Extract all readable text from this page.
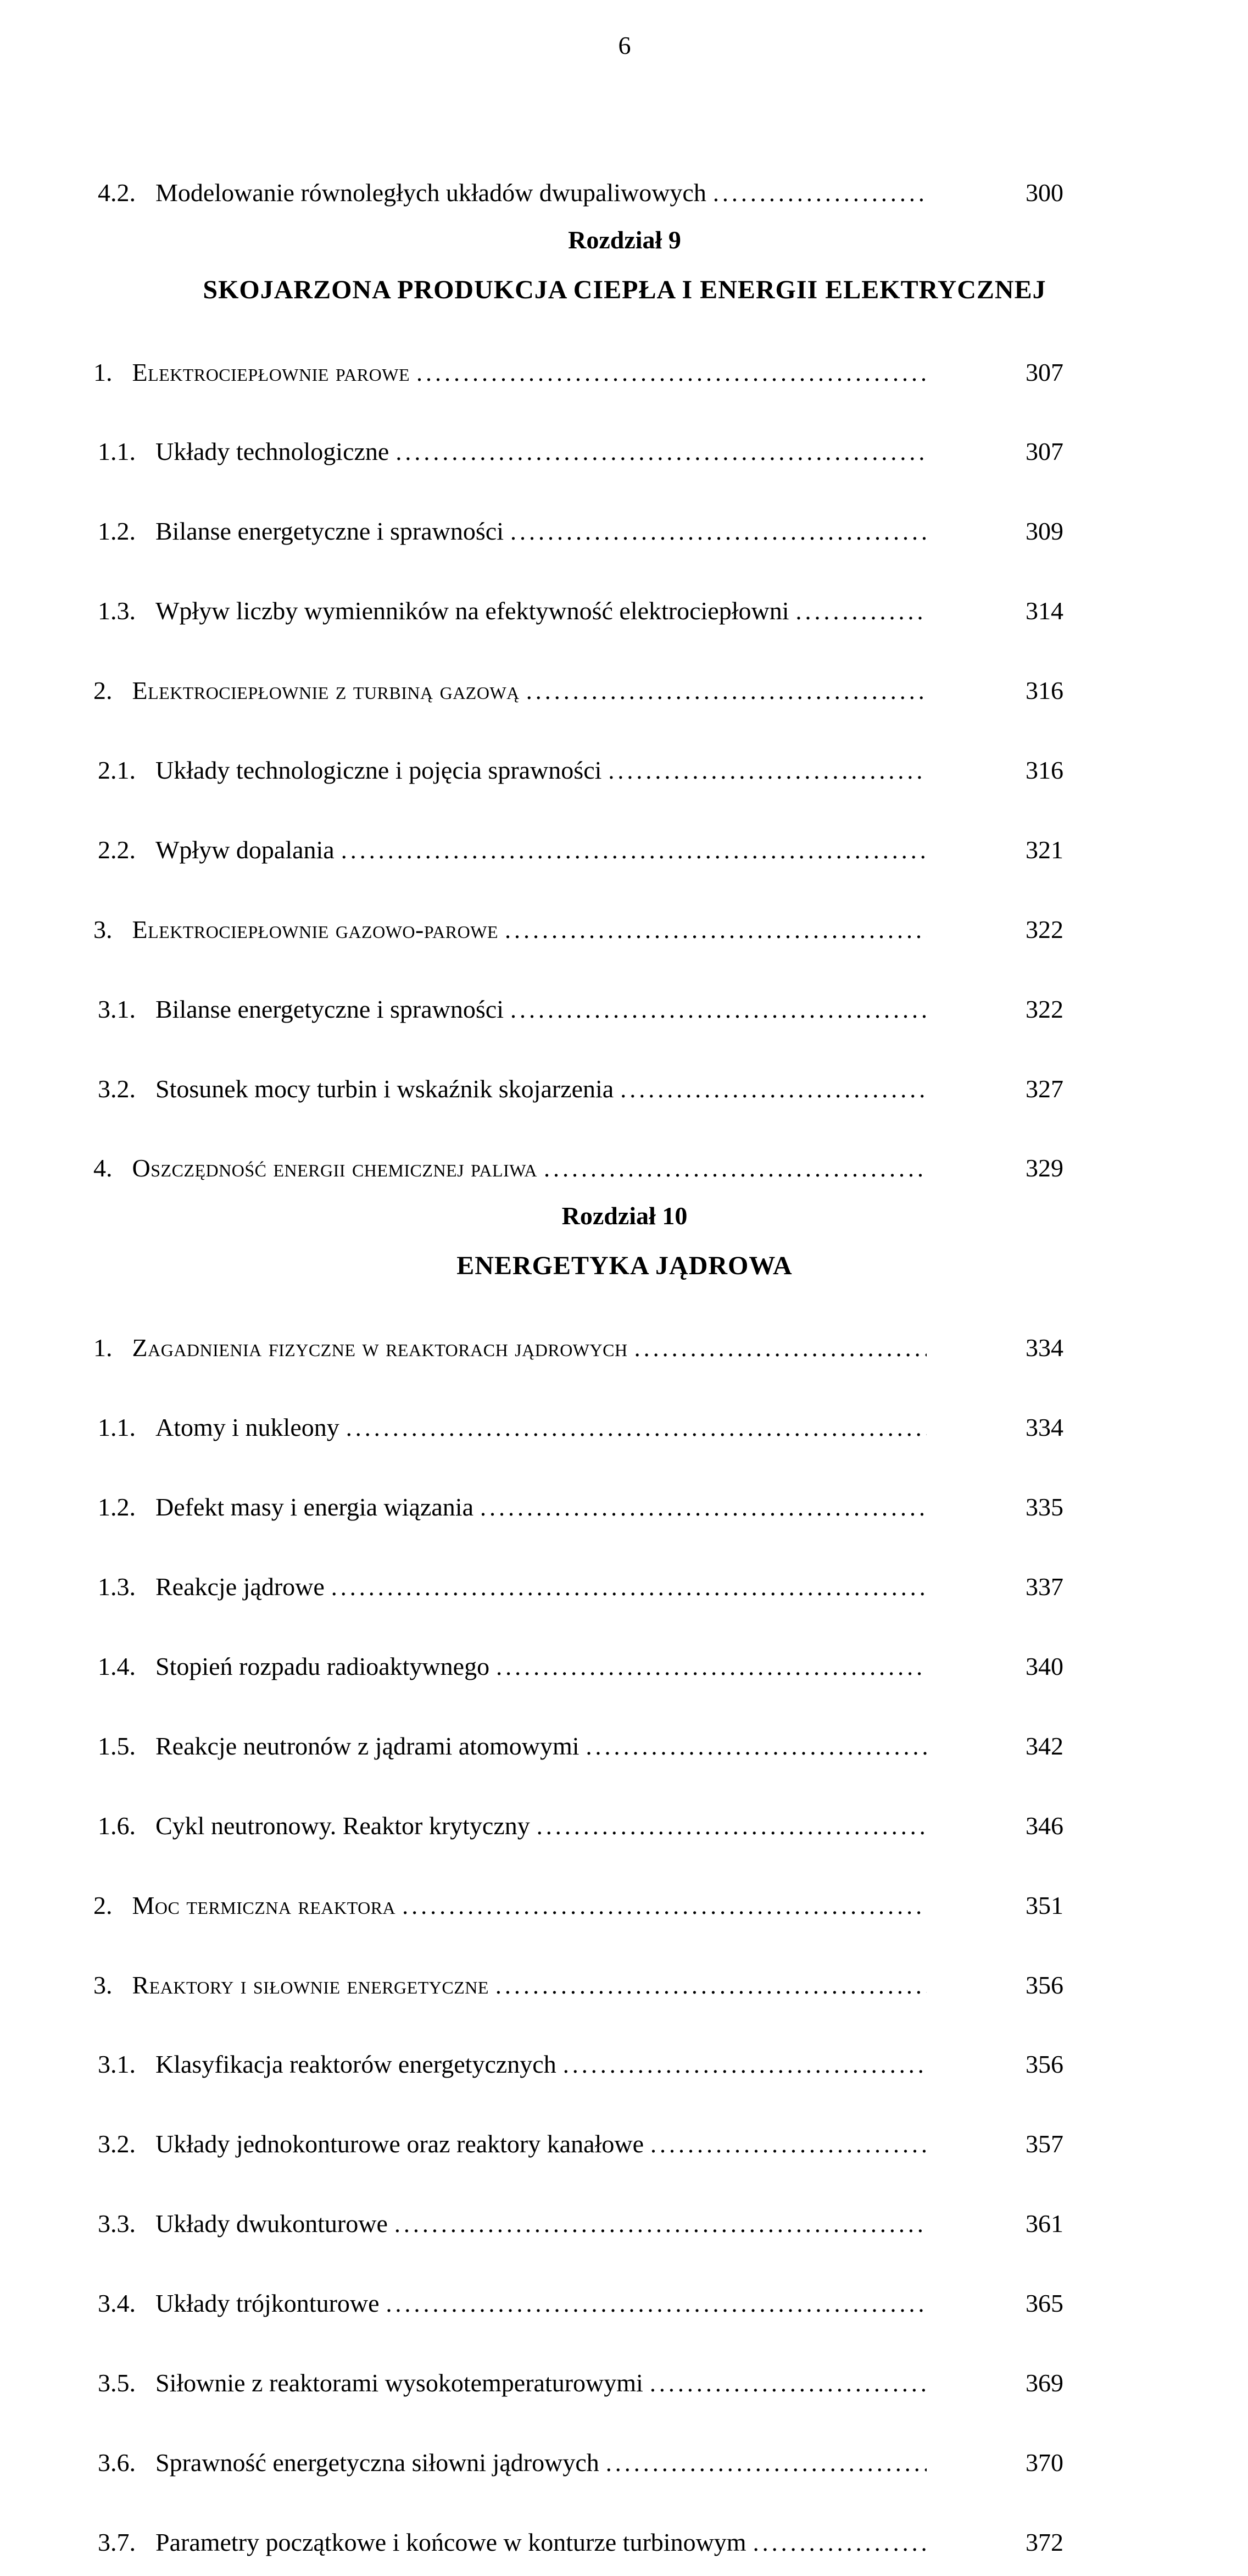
6
4.2. Modelowanie równoległych układów dwupaliwowych .....	300
Rozdział 9
SKOJARZONA PRODUKCJA CIEPŁA I ENERGII ELEKTRYCZNEJ
1. Elektrociepłownie parowe .....	307
1.1. Układy technologiczne .....	307
1.2. Bilanse energetyczne i sprawności .....	309
1.3. Wpływ liczby wymienników na efektywność elektrociepłowni .....	314
2. Elektrociepłownie z turbiną gazową .....	316
2.1. Układy technologiczne i pojęcia sprawności .....	316
2.2. Wpływ dopalania .....	321
3. Elektrociepłownie gazowo-parowe .....	322
3.1. Bilanse energetyczne i sprawności .....	322
3.2. Stosunek mocy turbin i wskaźnik skojarzenia .....	327
4. Oszczędność energii chemicznej paliwa .....	329
Rozdział 10
ENERGETYKA JĄDROWA
1. Zagadnienia fizyczne w reaktorach jądrowych .....	334
1.1. Atomy i nukleony .....	334
1.2. Defekt masy i energia wiązania .....	335
1.3. Reakcje jądrowe .....	337
1.4. Stopień rozpadu radioaktywnego .....	340
1.5. Reakcje neutronów z jądrami atomowymi .....	342
1.6. Cykl neutronowy. Reaktor krytyczny .....	346
2. Moc termiczna reaktora .....	351
3. Reaktory i siłownie energetyczne .....	356
3.1. Klasyfikacja reaktorów energetycznych .....	356
3.2. Układy jednokonturowe oraz reaktory kanałowe .....	357
3.3. Układy dwukonturowe .....	361
3.4. Układy trójkonturowe .....	365
3.5. Siłownie z reaktorami wysokotemperaturowymi .....	369
3.6. Sprawność energetyczna siłowni jądrowych .....	370
3.7. Parametry początkowe i końcowe w konturze turbinowym .....	372
